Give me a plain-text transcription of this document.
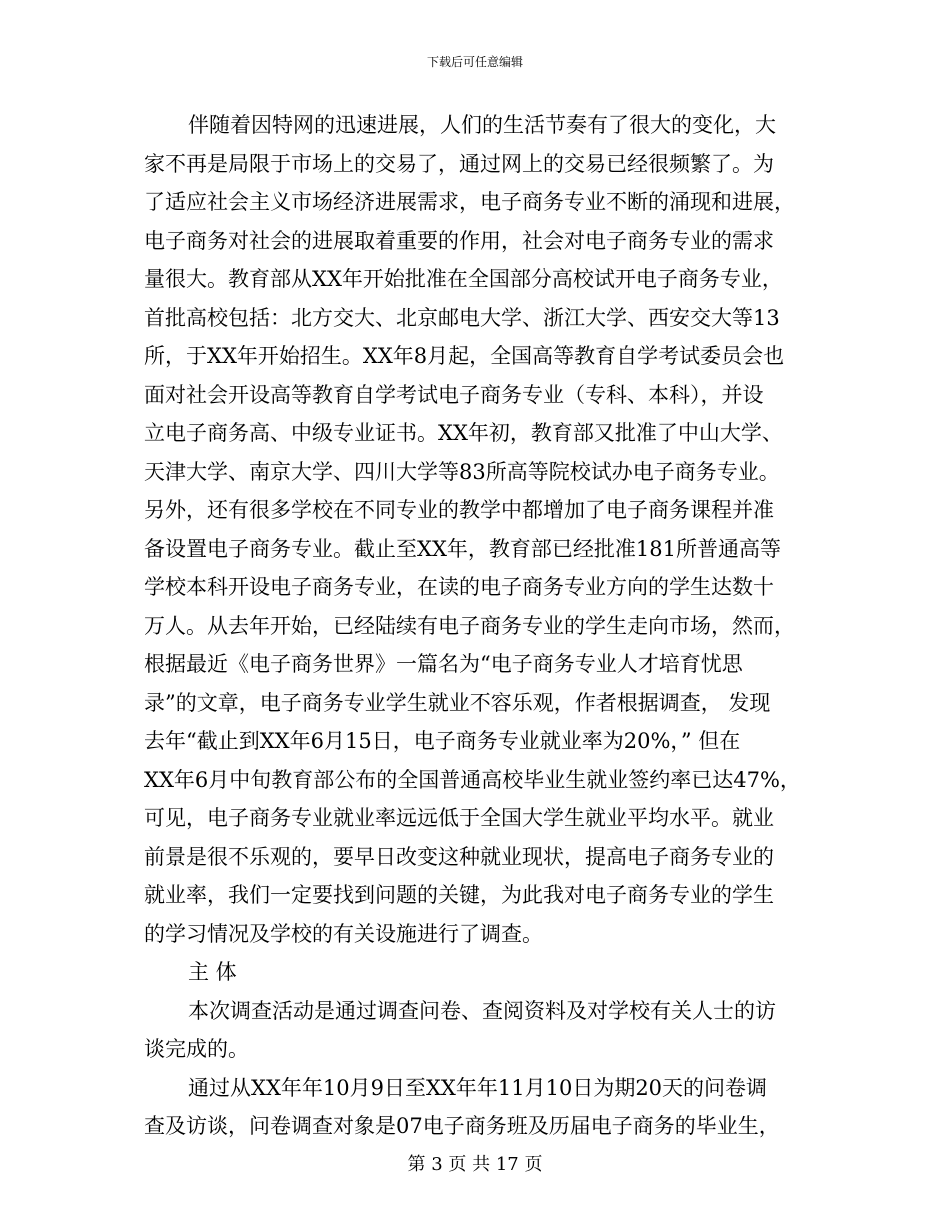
下载后可任意编辑
伴随着因特网的迅速进展，人们的生活节奏有了很大的变化，大
家不再是局限于市场上的交易了，通过网上的交易已经很频繁了。为
了适应社会主义市场经济进展需求，电子商务专业不断的涌现和进展，
电子商务对社会的进展取着重要的作用，社会对电子商务专业的需求
量很大。教育部从XX年开始批准在全国部分高校试开电子商务专业，
首批高校包括：北方交大、北京邮电大学、浙江大学、西安交大等13
所，于XX年开始招生。XX年8月起，全国高等教育自学考试委员会也
面对社会开设高等教育自学考试电子商务专业（专科、本科），并设
立电子商务高、中级专业证书。XX年初，教育部又批准了中山大学、
天津大学、南京大学、四川大学等83所高等院校试办电子商务专业。
另外，还有很多学校在不同专业的教学中都增加了电子商务课程并准
备设置电子商务专业。截止至XX年，教育部已经批准181所普通高等
学校本科开设电子商务专业，在读的电子商务专业方向的学生达数十
万人。从去年开始，已经陆续有电子商务专业的学生走向市场，然而，
根据最近《电子商务世界》一篇名为“电子商务专业人才培育忧思
录”的文章，电子商务专业学生就业不容乐观，作者根据调查， 发现
去年“截止到XX年6月15日，电子商务专业就业率为20%，” 但在
XX年6月中旬教育部公布的全国普通高校毕业生就业签约率已达47%，
可见，电子商务专业就业率远远低于全国大学生就业平均水平。就业
前景是很不乐观的，要早日改变这种就业现状，提高电子商务专业的
就业率，我们一定要找到问题的关键，为此我对电子商务专业的学生
的学习情况及学校的有关设施进行了调查。
主 体
本次调查活动是通过调查问卷、查阅资料及对学校有关人士的访
谈完成的。
通过从XX年年10月9日至XX年年11月10日为期20天的问卷调
查及访谈，问卷调查对象是07电子商务班及历届电子商务的毕业生，
第 3 页 共 17 页
